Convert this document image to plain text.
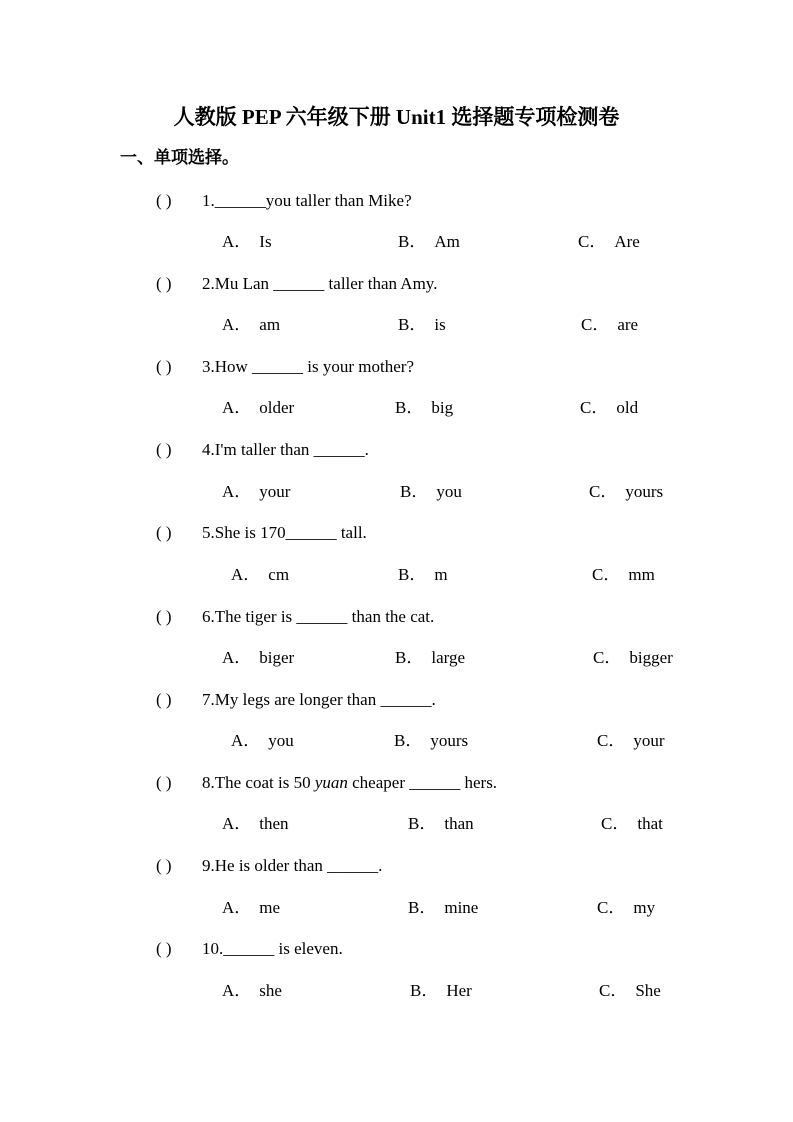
人教版 PEP 六年级下册 Unit1 选择题专项检测卷
一、单项选择。
( ) 1.______you taller than Mike?
A． Is	B． Am	C． Are
( ) 2.Mu Lan ______ taller than Amy.
A． am	B． is	C． are
( ) 3.How ______ is your mother?
A． older	B． big	C． old
( ) 4.I'm taller than ______.
A． your	B． you	C． yours
( ) 5.She is 170______ tall.
A． cm	B． m	C． mm
( ) 6.The tiger is ______ than the cat.
A． biger	B． large	C． bigger
( ) 7.My legs are longer than ______.
A． you	B． yours	C． your
( ) 8.The coat is 50 yuan cheaper ______ hers.
A． then	B． than	C． that
( ) 9.He is older than ______.
A． me	B． mine	C． my
( ) 10.______ is eleven.
A． she	B． Her	C． She
